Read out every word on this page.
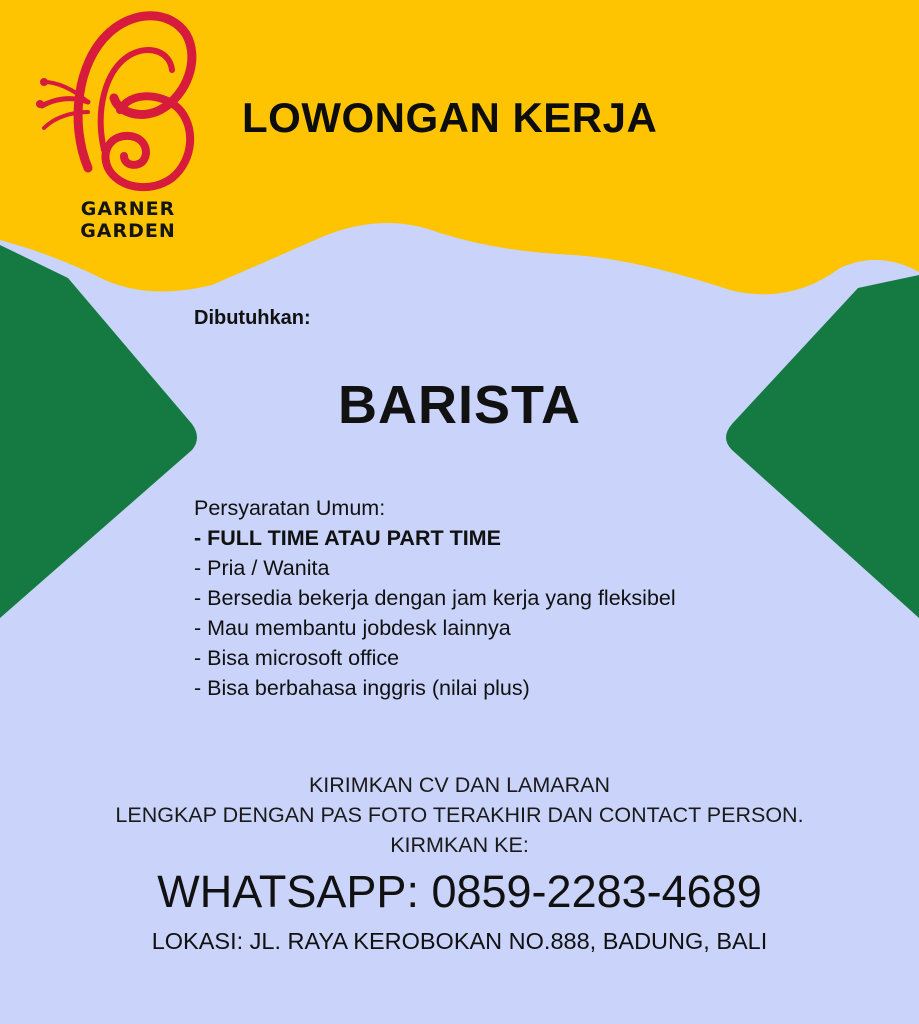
GARNER GARDEN
LOWONGAN KERJA
Dibutuhkan:
BARISTA
Persyaratan Umum:
- FULL TIME ATAU PART TIME
- Pria / Wanita
- Bersedia bekerja dengan jam kerja yang fleksibel
- Mau membantu jobdesk lainnya
- Bisa microsoft office
- Bisa berbahasa inggris (nilai plus)
KIRIMKAN CV DAN LAMARAN
LENGKAP DENGAN PAS FOTO TERAKHIR DAN CONTACT PERSON.
KIRMKAN KE:
WHATSAPP: 0859-2283-4689
LOKASI: JL. RAYA KEROBOKAN NO.888, BADUNG, BALI
